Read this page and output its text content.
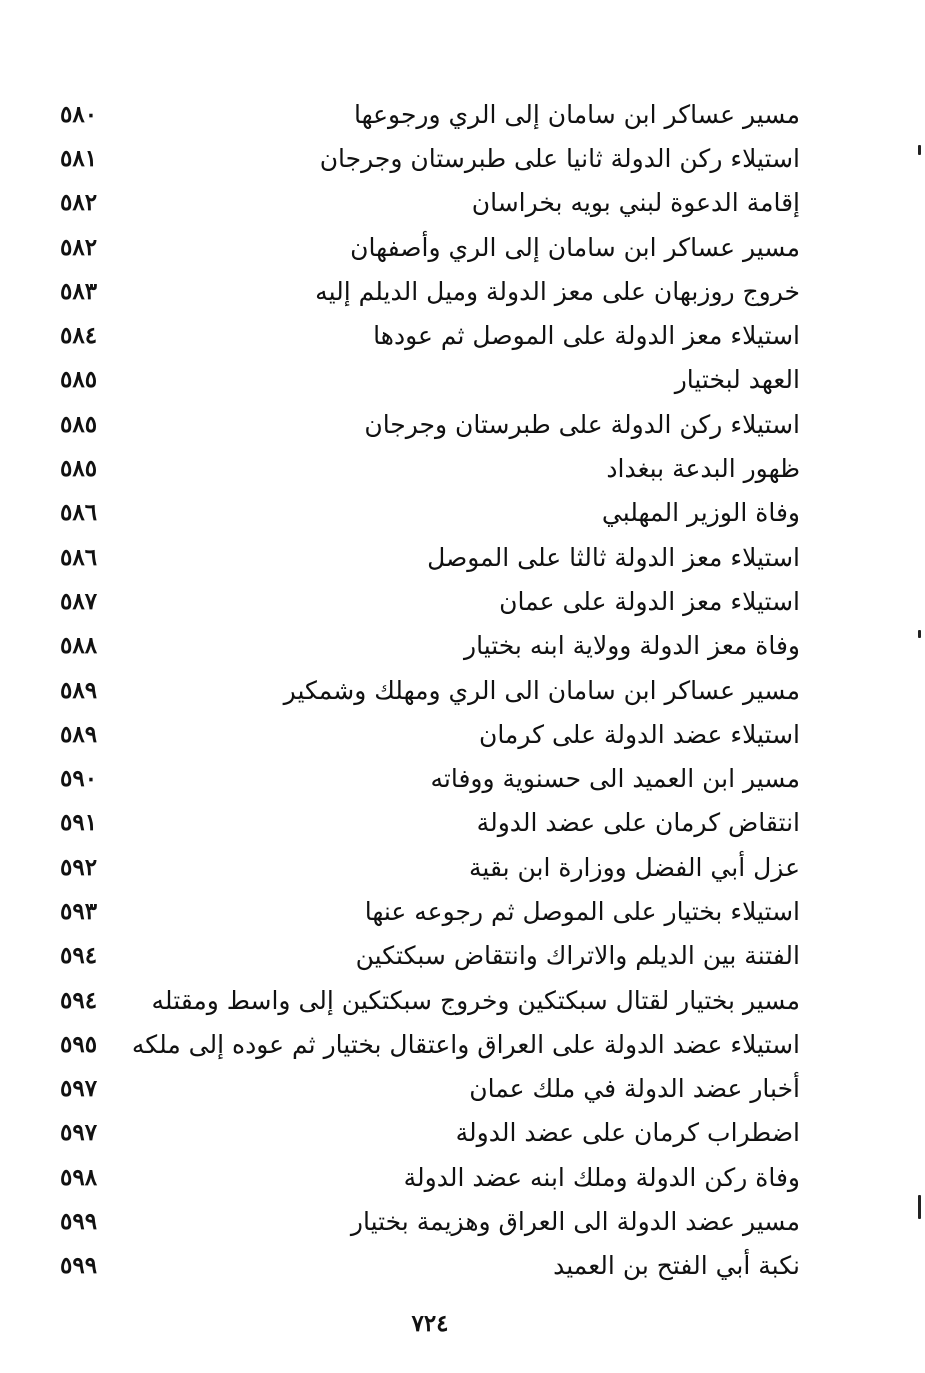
مسير عساكر ابن سامان إلى الري ورجوعها
٥٨٠
استيلاء ركن الدولة ثانيا على طبرستان وجرجان
٥٨١
إقامة الدعوة لبني بويه بخراسان
٥٨٢
مسير عساكر ابن سامان إلى الري وأصفهان
٥٨٢
خروج روزبهان على معز الدولة وميل الديلم إليه
٥٨٣
استيلاء معز الدولة على الموصل ثم عودها
٥٨٤
العهد لبختيار
٥٨٥
استيلاء ركن الدولة على طبرستان وجرجان
٥٨٥
ظهور البدعة ببغداد
٥٨٥
وفاة الوزير المهلبي
٥٨٦
استيلاء معز الدولة ثالثا على الموصل
٥٨٦
استيلاء معز الدولة على عمان
٥٨٧
وفاة معز الدولة وولاية ابنه بختيار
٥٨٨
مسير عساكر ابن سامان الى الري ومهلك وشمكير
٥٨٩
استيلاء عضد الدولة على كرمان
٥٨٩
مسير ابن العميد الى حسنوية ووفاته
٥٩٠
انتقاض كرمان على عضد الدولة
٥٩١
عزل أبي الفضل ووزارة ابن بقية
٥٩٢
استيلاء بختيار على الموصل ثم رجوعه عنها
٥٩٣
الفتنة بين الديلم والاتراك وانتقاض سبكتكين
٥٩٤
مسير بختيار لقتال سبكتكين وخروج سبكتكين إلى واسط ومقتله
٥٩٤
استيلاء عضد الدولة على العراق واعتقال بختيار ثم عوده إلى ملكه
٥٩٥
أخبار عضد الدولة في ملك عمان
٥٩٧
اضطراب كرمان على عضد الدولة
٥٩٧
وفاة ركن الدولة وملك ابنه عضد الدولة
٥٩٨
مسير عضد الدولة الى العراق وهزيمة بختيار
٥٩٩
نكبة أبي الفتح بن العميد
٥٩٩
٧٢٤
